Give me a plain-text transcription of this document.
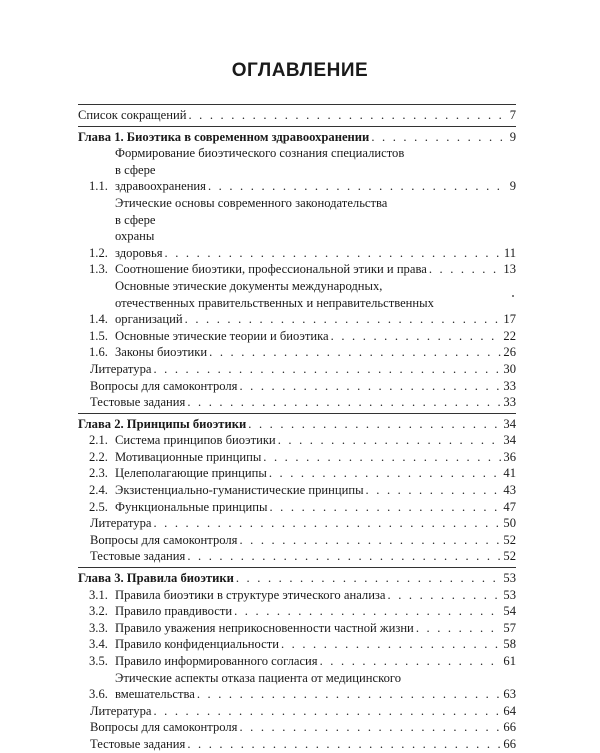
ОГЛАВЛЕНИЕ
Список сокращений . . .	7
Глава 1. Биоэтика в современном здравоохранении . . .	9
1.1.
Формирование биоэтического сознания специалистов
в сфере здравоохранения . . .	9
1.2.
Этические основы современного законодательства
в сфере охраны здоровья . . .	11
1.3. Соотношение биоэтики, профессиональной этики и права . . .	13
1.4.
Основные этические документы международных,
отечественных правительственных и неправительственных
организаций . . .	17
1.5. Основные этические теории и биоэтика . . .	22
1.6. Законы биоэтики . . .	26
Литература . . .	30
Вопросы для самоконтроля . . .	33
Тестовые задания . . .	33
Глава 2. Принципы биоэтики . . .	34
2.1. Система принципов биоэтики . . .	34
2.2. Мотивационные принципы . . .	36
2.3. Целеполагающие принципы . . .	41
2.4. Экзистенциально-гуманистические принципы . . .	43
2.5. Функциональные принципы . . .	47
Литература . . .	50
Вопросы для самоконтроля . . .	52
Тестовые задания . . .	52
Глава 3. Правила биоэтики . . .	53
3.1. Правила биоэтики в структуре этического анализа . . .	53
3.2. Правило правдивости . . .	54
3.3. Правило уважения неприкосновенности частной жизни . . .	57
3.4. Правило конфиденциальности . . .	58
3.5. Правило информированного согласия . . .	61
3.6.
Этические аспекты отказа пациента от медицинского
вмешательства . . .	63
Литература . . .	64
Вопросы для самоконтроля . . .	66
Тестовые задания . . .	66
